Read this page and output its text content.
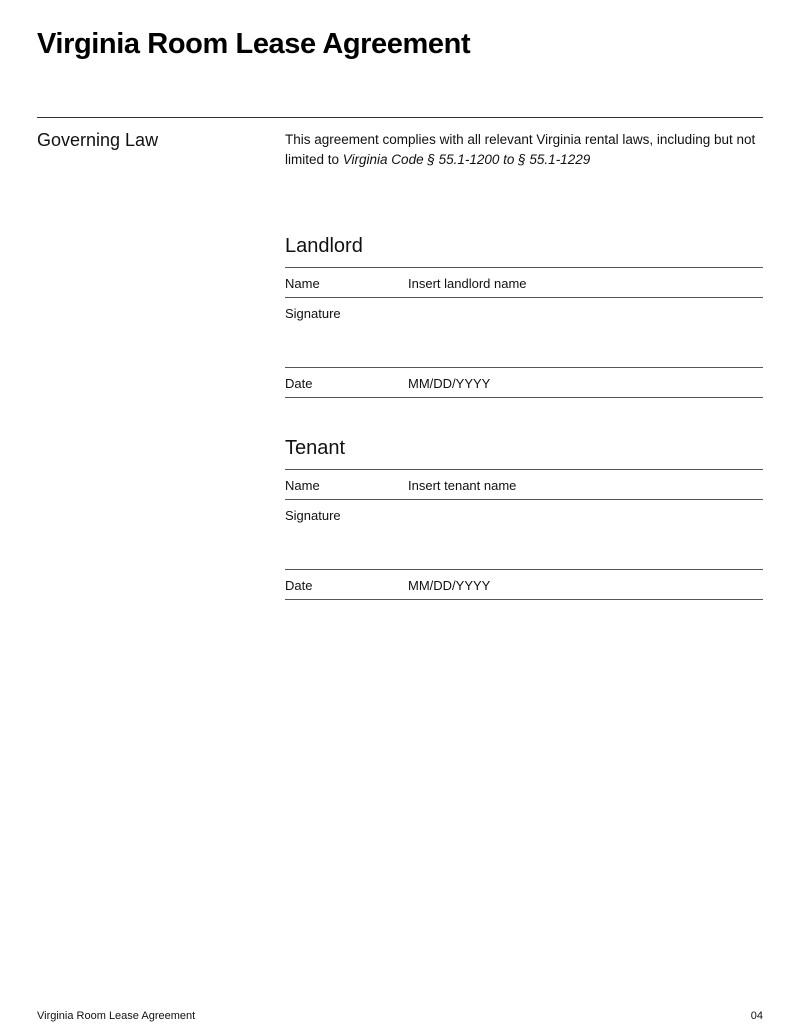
Virginia Room Lease Agreement
Governing Law	This agreement complies with all relevant Virginia rental laws, including but not limited to Virginia Code § 55.1-1200 to § 55.1-1229
Landlord
Name	Insert landlord name
Signature
Date	MM/DD/YYYY
Tenant
Name	Insert tenant name
Signature
Date	MM/DD/YYYY
Virginia Room Lease Agreement	04
